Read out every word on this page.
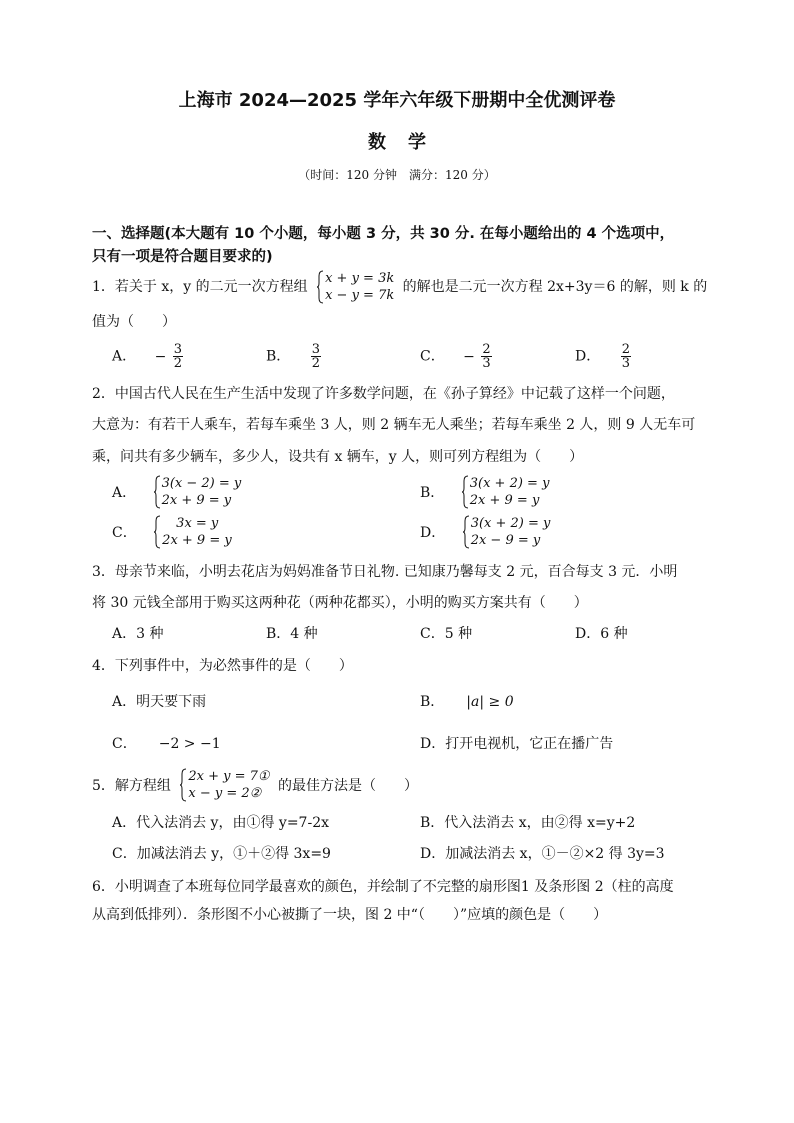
上海市 2024—2025 学年六年级下册期中全优测评卷
数学
（时间：120 分钟　满分：120 分）
一、选择题(本大题有 10 个小题，每小题 3 分，共 30 分. 在每小题给出的 4 个选项中，
只有一项是符合题目要求的)
1．若关于 x，y 的二元一次方程组
x + y = 3k
x − y = 7k
的解也是二元一次方程 2x+3y＝6 的解，则 k 的
值为（　　）
A． − $\frac{3}{2}$	B． $\frac{3}{2}$	C． − $\frac{2}{3}$	D． $\frac{2}{3}$
2．中国古代人民在生产生活中发现了许多数学问题，在《孙子算经》中记载了这样一个问题，
大意为：有若干人乘车，若每车乘坐 3 人，则 2 辆车无人乘坐；若每车乘坐 2 人，则 9 人无车可
乘，问共有多少辆车，多少人，设共有 x 辆车，y 人，则可列方程组为（　　）
A．
3(x − 2) = y
2x + 9 = y	B．
3(x + 2) = y
2x + 9 = y
C．
3x = y
2x + 9 = y	D．
3(x + 2) = y
2x − 9 = y
3．母亲节来临，小明去花店为妈妈准备节日礼物. 已知康乃馨每支 2 元，百合每支 3 元．小明
将 30 元钱全部用于购买这两种花（两种花都买），小明的购买方案共有（　　）
A．3 种	B．4 种	C．5 种	D．6 种
4．下列事件中，为必然事件的是（　　）
A．明天要下雨	B． |a| ≥ 0
C． −2 > −1	D．打开电视机，它正在播广告
5．解方程组
2x + y = 7①
x − y = 2②	的最佳方法是（　　）
A．代入法消去 y，由①得 y=7-2x	B．代入法消去 x，由②得 x=y+2
C．加减法消去 y，①＋②得 3x=9	D．加减法消去 x，①－②×2 得 3y=3
6．小明调查了本班每位同学最喜欢的颜色，并绘制了不完整的扇形图1 及条形图 2（柱的高度
从高到低排列）．条形图不小心被撕了一块，图 2 中“（　　）”应填的颜色是（　　）
